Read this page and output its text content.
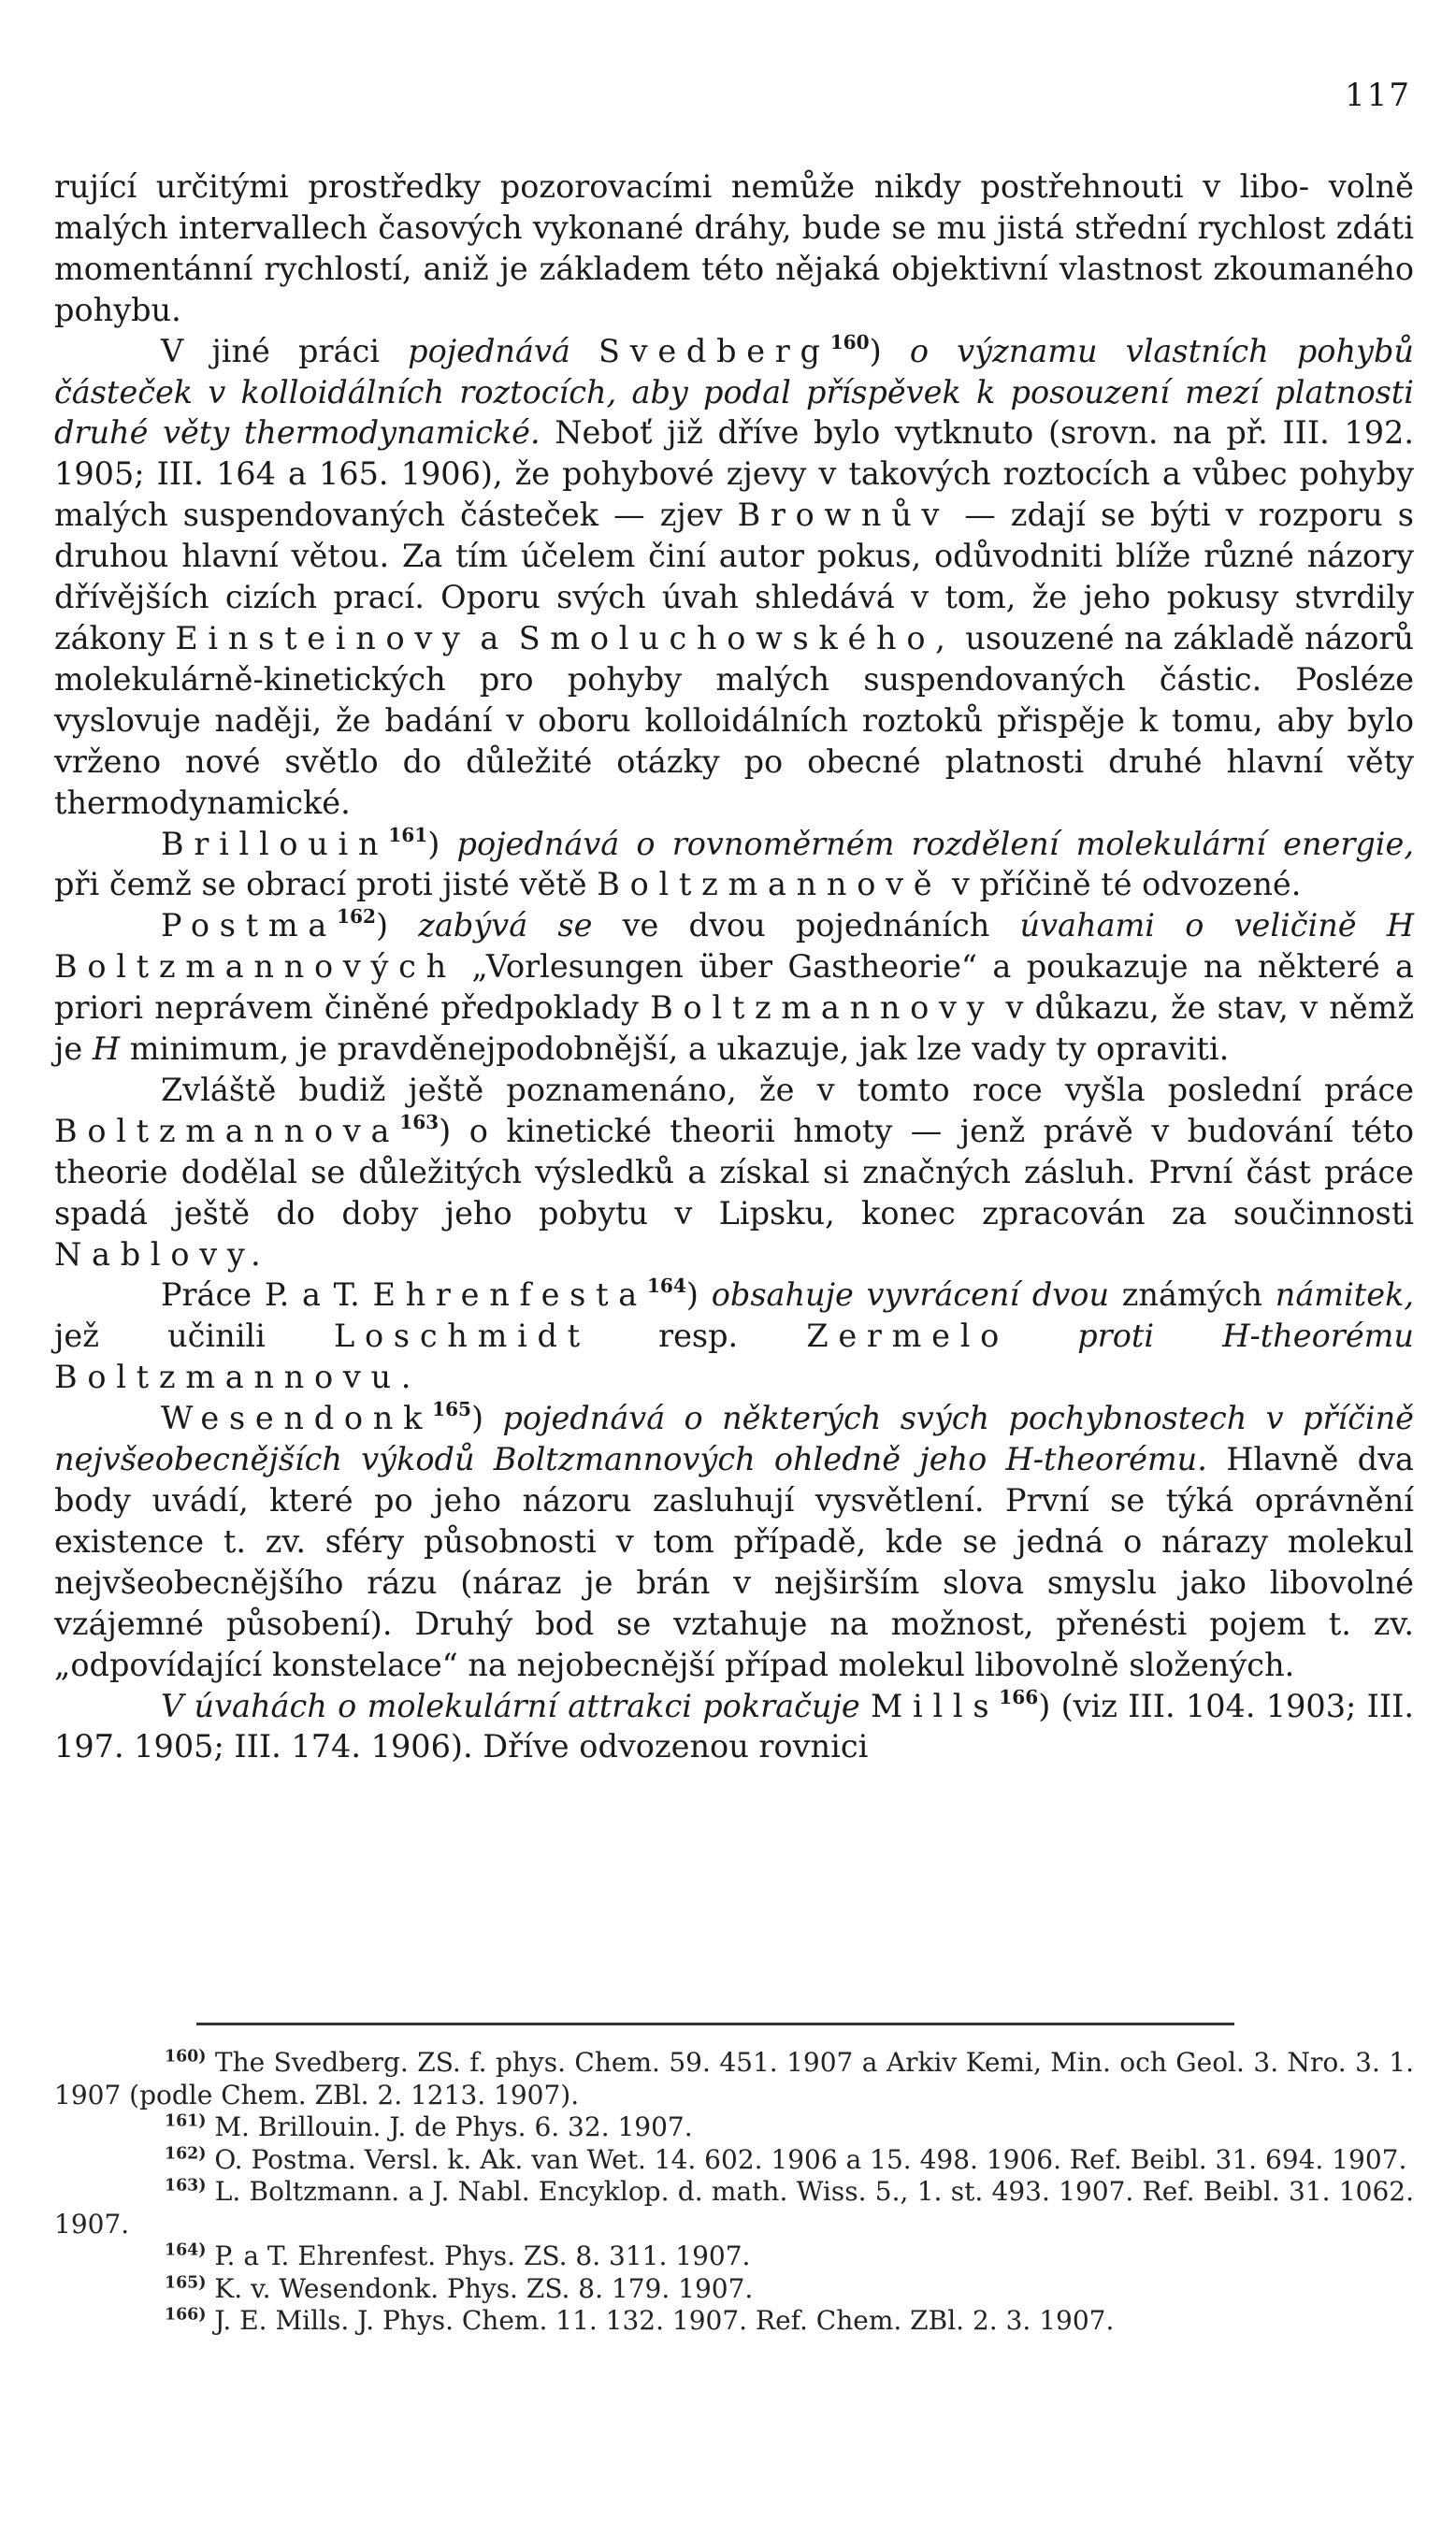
117

rující určitými prostředky pozorovacími nemůže nikdy postřehnouti v libo- volně malých intervallech časových vykonané dráhy, bude se mu jistá střední rychlost zdáti momentánní rychlostí, aniž je základem této nějaká objektivní vlastnost zkoumaného pohybu.

V jiné práci pojednává Svedberg$^{160}$) o významu vlastních pohybů částeček v kolloidálních roztocích, aby podal příspěvek k posouzení mezí platnosti druhé věty thermodynamické. Neboť již dříve bylo vytknuto (srovn. na př. III. 192. 1905; III. 164 a 165. 1906), že pohybové zjevy v takových roztocích a vůbec pohyby malých suspendovaných částeček — zjev Brownův — zdají se býti v rozporu s druhou hlavní větou. Za tím účelem činí autor pokus, odůvodniti blíže různé názory dřívějších cizích prací. Oporu svých úvah shledává v tom, že jeho pokusy stvrdily zákony Einsteinovy a Smoluchowského, usouzené na základě názorů molekulárně-kinetických pro pohyby malých suspendovaných částic. Posléze vyslovuje naději, že badání v oboru kolloidálních roztoků přispěje k tomu, aby bylo vrženo nové světlo do důležité otázky po obecné platnosti druhé hlavní věty thermodynamické.

Brillouin$^{161}$) pojednává o rovnoměrném rozdělení molekulární energie, při čemž se obrací proti jisté větě Boltzmannově v příčině té odvozené.

Postma$^{162}$) zabývá se ve dvou pojednáních úvahami o veličině H Boltzmannových „Vorlesungen über Gastheorie“ a poukazuje na některé a priori neprávem činěné předpoklady Boltzmannovy v důkazu, že stav, v němž je H minimum, je pravděnejpodobnější, a ukazuje, jak lze vady ty opraviti.

Zvláště budiž ještě poznamenáno, že v tomto roce vyšla poslední práce Boltzmannova$^{163}$) o kinetické theorii hmoty — jenž právě v budování této theorie dodělal se důležitých výsledků a získal si značných zásluh. První část práce spadá ještě do doby jeho pobytu v Lipsku, konec zpracován za součinnosti Nablovy.

Práce P. a T. Ehrenfesta$^{164}$) obsahuje vyvrácení dvou známých námitek, jež učinili Loschmidt resp. Zermelo proti H-theorému Boltzmannovu.

Wesendonk$^{165}$) pojednává o některých svých pochybnostech v příčině nejvšeobecnějších výkodů Boltzmannových ohledně jeho H-theorému. Hlavně dva body uvádí, které po jeho názoru zasluhují vysvětlení. První se týká oprávnění existence t. zv. sféry působnosti v tom případě, kde se jedná o nárazy molekul nejvšeobecnějšího rázu (náraz je brán v nejširším slova smyslu jako libovolné vzájemné působení). Druhý bod se vztahuje na možnost, přenésti pojem t. zv. „odpovídající konstelace“ na nejobecnější případ molekul libovolně složených.

V úvahách o molekulární attrakci pokračuje Mills$^{166}$) (viz III. 104. 1903; III. 197. 1905; III. 174. 1906). Dříve odvozenou rovnici

$^{160)}$ The Svedberg. ZS. f. phys. Chem. 59. 451. 1907 a Arkiv Kemi, Min. och Geol. 3. Nro. 3. 1. 1907 (podle Chem. ZBl. 2. 1213. 1907).

$^{161)}$ M. Brillouin. J. de Phys. 6. 32. 1907.

$^{162)}$ O. Postma. Versl. k. Ak. van Wet. 14. 602. 1906 a 15. 498. 1906. Ref. Beibl. 31. 694. 1907.

$^{163)}$ L. Boltzmann. a J. Nabl. Encyklop. d. math. Wiss. 5., 1. st. 493. 1907. Ref. Beibl. 31. 1062. 1907.

$^{164)}$ P. a T. Ehrenfest. Phys. ZS. 8. 311. 1907.

$^{165)}$ K. v. Wesendonk. Phys. ZS. 8. 179. 1907.

$^{166)}$ J. E. Mills. J. Phys. Chem. 11. 132. 1907. Ref. Chem. ZBl. 2. 3. 1907.
